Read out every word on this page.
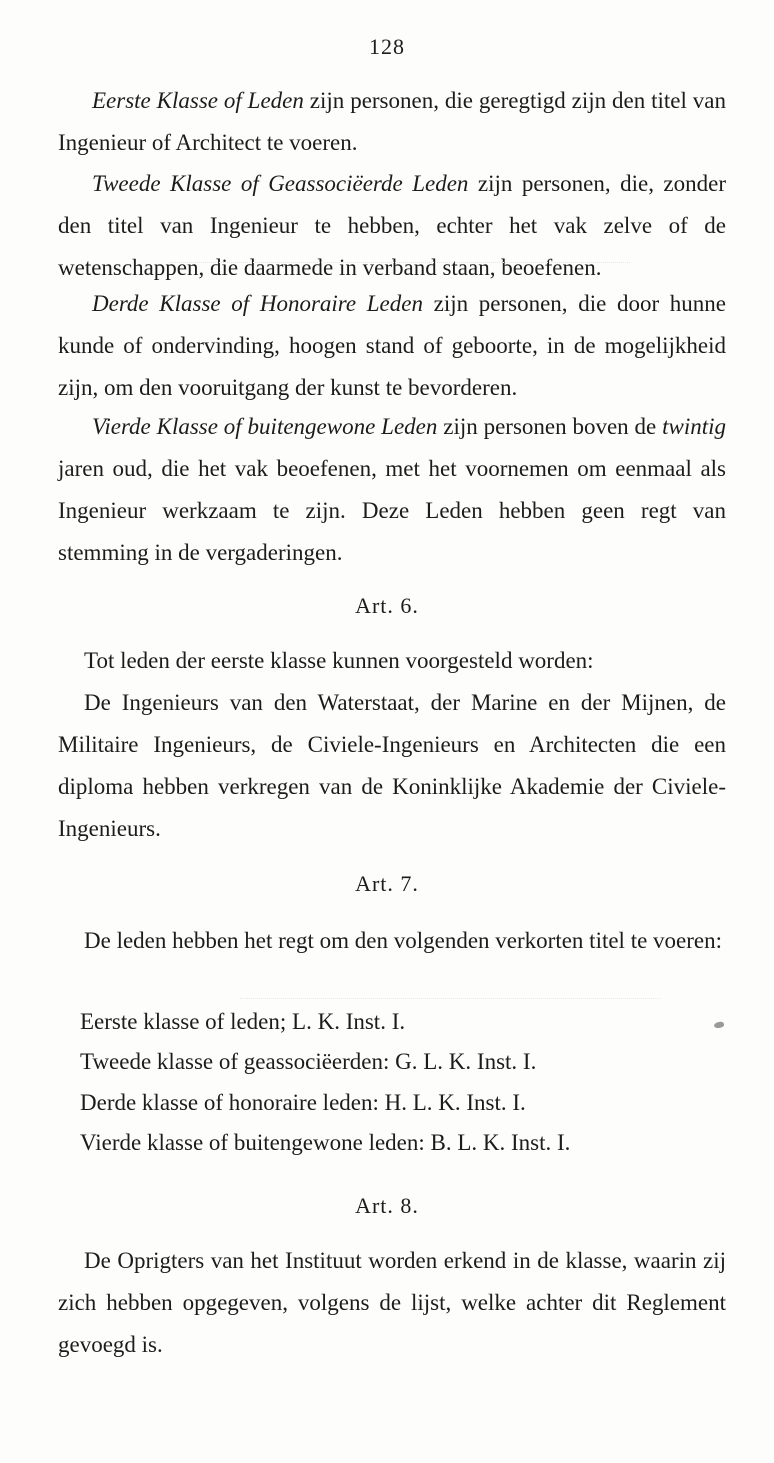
128

Eerste Klasse of Leden zijn personen, die geregtigd zijn den titel van Ingenieur of Architect te voeren.

Tweede Klasse of Geassociëerde Leden zijn personen, die, zonder den titel van Ingenieur te hebben, echter het vak zelve of de wetenschappen, die daarmede in verband staan, beoefenen.

Derde Klasse of Honoraire Leden zijn personen, die door hunne kunde of ondervinding, hoogen stand of geboorte, in de mogelijkheid zijn, om den vooruitgang der kunst te bevorderen.

Vierde Klasse of buitengewone Leden zijn personen boven de twintig jaren oud, die het vak beoefenen, met het voornemen om eenmaal als Ingenieur werkzaam te zijn. Deze Leden hebben geen regt van stemming in de vergaderingen.

Art. 6.

Tot leden der eerste klasse kunnen voorgesteld worden:

De Ingenieurs van den Waterstaat, der Marine en der Mijnen, de Militaire Ingenieurs, de Civiele-Ingenieurs en Architecten die een diploma hebben verkregen van de Koninklijke Akademie der Civiele-Ingenieurs.

Art. 7.

De leden hebben het regt om den volgenden verkorten titel te voeren:

Eerste klasse of leden; L. K. Inst. I.
Tweede klasse of geassociëerden: G. L. K. Inst. I.
Derde klasse of honoraire leden: H. L. K. Inst. I.
Vierde klasse of buitengewone leden: B. L. K. Inst. I.
Art. 8.

De Oprigters van het Instituut worden erkend in de klasse, waarin zij zich hebben opgegeven, volgens de lijst, welke achter dit Reglement gevoegd is.
